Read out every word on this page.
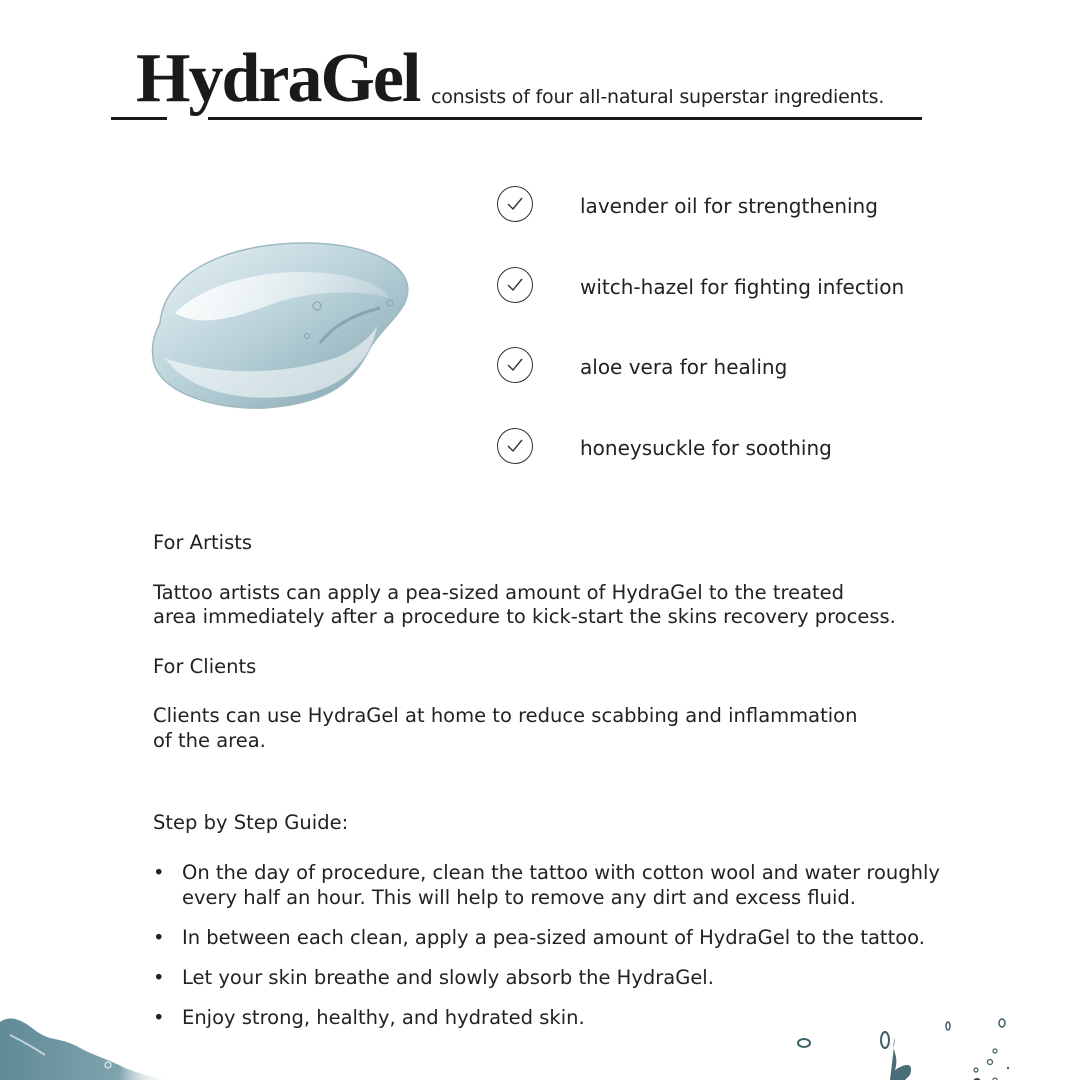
HydraGel consists of four all-natural superstar ingredients.
lavender oil for strengthening
witch-hazel for fighting infection
aloe vera for healing
honeysuckle for soothing
For Artists
Tattoo artists can apply a pea-sized amount of HydraGel to the treated
area immediately after a procedure to kick-start the skins recovery process.
For Clients
Clients can use HydraGel at home to reduce scabbing and inflammation
of the area.
Step by Step Guide:
• On the day of procedure, clean the tattoo with cotton wool and water roughly
every half an hour. This will help to remove any dirt and excess fluid.
• In between each clean, apply a pea-sized amount of HydraGel to the tattoo.
• Let your skin breathe and slowly absorb the HydraGel.
• Enjoy strong, healthy, and hydrated skin.
